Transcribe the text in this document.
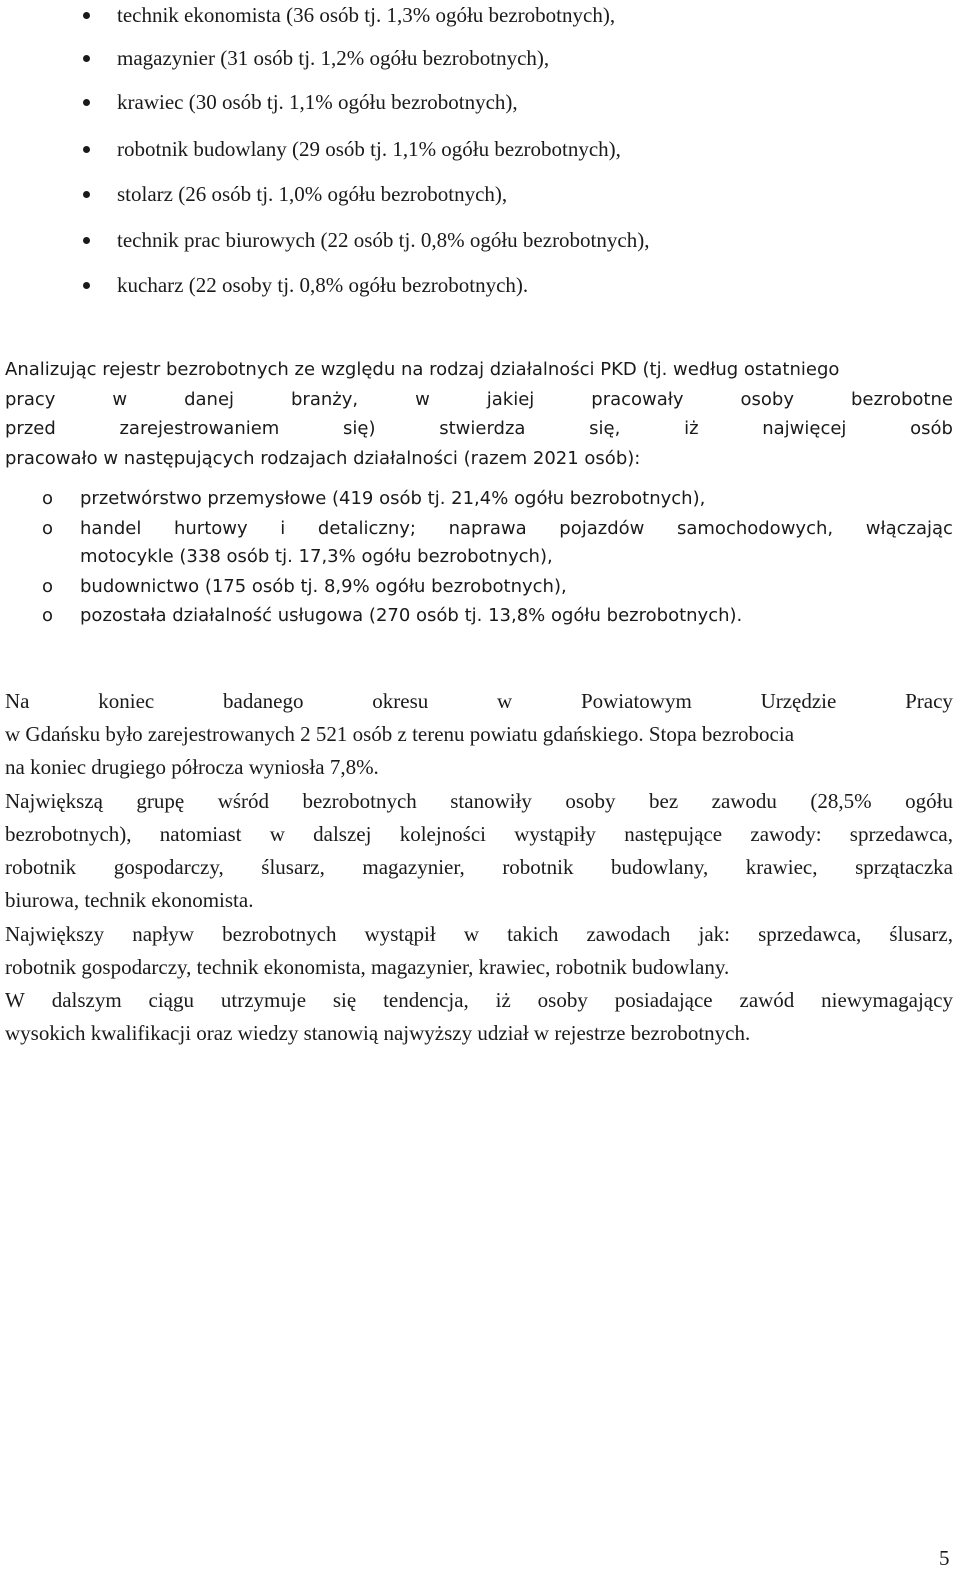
technik ekonomista (36 osób tj. 1,3% ogółu bezrobotnych),
magazynier (31 osób tj. 1,2% ogółu bezrobotnych),
krawiec (30 osób tj. 1,1% ogółu bezrobotnych),
robotnik budowlany (29 osób tj. 1,1% ogółu bezrobotnych),
stolarz (26 osób tj. 1,0% ogółu bezrobotnych),
technik prac biurowych (22 osób tj. 0,8% ogółu bezrobotnych),
kucharz (22 osoby tj. 0,8% ogółu bezrobotnych).
Analizując rejestr bezrobotnych ze względu na rodzaj działalności PKD (tj. według ostatniego
pracy	w	danej	branży,	w	jakiej	pracowały	osoby	bezrobotne
przed	zarejestrowaniem	się)	stwierdza	się,	iż	najwięcej	osób
pracowało w następujących rodzajach działalności (razem 2021 osób):
o przetwórstwo przemysłowe (419 osób tj. 21,4% ogółu bezrobotnych),
o handel hurtowy i detaliczny; naprawa pojazdów samochodowych, włączając
motocykle (338 osób tj. 17,3% ogółu bezrobotnych),
o budownictwo (175 osób tj. 8,9% ogółu bezrobotnych),
o pozostała działalność usługowa (270 osób tj. 13,8% ogółu bezrobotnych).
Na	koniec	badanego	okresu	w	Powiatowym	Urzędzie	Pracy
w Gdańsku było zarejestrowanych 2 521 osób z terenu powiatu gdańskiego. Stopa bezrobocia
na koniec drugiego półrocza wyniosła 7,8%.
Największą grupę wśród bezrobotnych stanowiły osoby bez zawodu (28,5% ogółu
bezrobotnych), natomiast w dalszej kolejności wystąpiły następujące zawody: sprzedawca,
robotnik gospodarczy, ślusarz, magazynier, robotnik budowlany, krawiec, sprzątaczka
biurowa, technik ekonomista.
Największy napływ bezrobotnych wystąpił w takich zawodach jak: sprzedawca, ślusarz,
robotnik gospodarczy, technik ekonomista, magazynier, krawiec, robotnik budowlany.
W dalszym ciągu utrzymuje się tendencja, iż osoby posiadające zawód niewymagający
wysokich kwalifikacji oraz wiedzy stanowią najwyższy udział w rejestrze bezrobotnych.
5
